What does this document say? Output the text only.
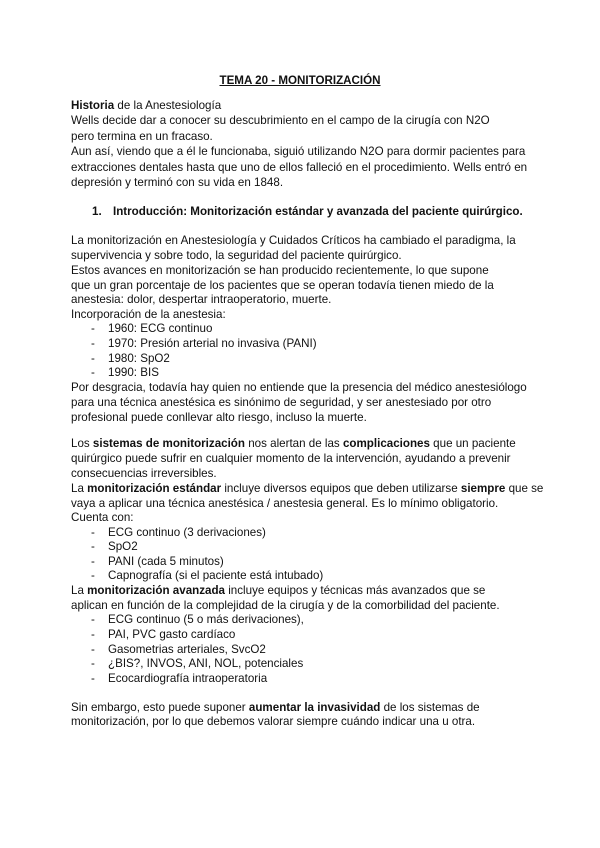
TEMA 20 - MONITORIZACIÓN
Historia de la Anestesiología
Wells decide dar a conocer su descubrimiento en el campo de la cirugía con N2O
pero termina en un fracaso.
Aun así, viendo que a él le funcionaba, siguió utilizando N2O para dormir pacientes para
extracciones dentales hasta que uno de ellos falleció en el procedimiento. Wells entró en
depresión y terminó con su vida en 1848.
1. Introducción: Monitorización estándar y avanzada del paciente quirúrgico.
La monitorización en Anestesiología y Cuidados Críticos ha cambiado el paradigma, la
supervivencia y sobre todo, la seguridad del paciente quirúrgico.
Estos avances en monitorización se han producido recientemente, lo que supone
que un gran porcentaje de los pacientes que se operan todavía tienen miedo de la
anestesia: dolor, despertar intraoperatorio, muerte.
Incorporación de la anestesia:
- 1960: ECG continuo
- 1970: Presión arterial no invasiva (PANI)
- 1980: SpO2
- 1990: BIS
Por desgracia, todavía hay quien no entiende que la presencia del médico anestesiólogo
para una técnica anestésica es sinónimo de seguridad, y ser anestesiado por otro
profesional puede conllevar alto riesgo, incluso la muerte.
Los sistemas de monitorización nos alertan de las complicaciones que un paciente
quirúrgico puede sufrir en cualquier momento de la intervención, ayudando a prevenir
consecuencias irreversibles.
La monitorización estándar incluye diversos equipos que deben utilizarse siempre que se
vaya a aplicar una técnica anestésica / anestesia general. Es lo mínimo obligatorio.
Cuenta con:
- ECG continuo (3 derivaciones)
- SpO2
- PANI (cada 5 minutos)
- Capnografía (si el paciente está intubado)
La monitorización avanzada incluye equipos y técnicas más avanzados que se
aplican en función de la complejidad de la cirugía y de la comorbilidad del paciente.
- ECG continuo (5 o más derivaciones),
- PAI, PVC gasto cardíaco
- Gasometrias arteriales, SvcO2
- ¿BIS?, INVOS, ANI, NOL, potenciales
- Ecocardiografía intraoperatoria
Sin embargo, esto puede suponer aumentar la invasividad de los sistemas de
monitorización, por lo que debemos valorar siempre cuándo indicar una u otra.
